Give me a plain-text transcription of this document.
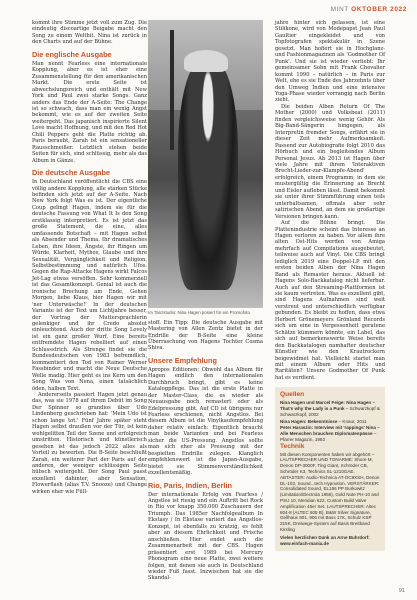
MINT OKTOBER 2022

kommt ihre Stimme jetzt voll zum Zug. Die eindeutig discoartige Beigabe macht den Song zu einem Welthit. Nina ist zurück in den Charts und auf der Bühne.

Die englische Ausgabe

Man nennt Fearless eine internationale Kopplung, aber es ist eher eine Zusammenstellung für den amerikanischen Markt. Die erste Seite ist abwechslungsreich und enthält mit New York und Paul zwei starke Songs. Ganz anders das Ende der A-Seite: The Change ist so schwach, dass man ein wenig Angst bekommt, wie es auf der zweiten Seite weitergeht. Das japanisch inspirierte Silent Love macht Hoffnung, und mit den Red Hot Chili Peppers geht die Platte richtig ab. Paris beraubt, Zarah ist ein sensationeller Rausschmeißer. Letztlich stehen beide Seiten für sich, sind schlüssig, mehr als das Album in Gänze.

Die deutsche Ausgabe

In Deutschland veröffentlicht die CBS eine völlig andere Kopplung, alle starken Stücke befinden sich jetzt auf der A-Seite. Nach New York folgt Was es ist. Der eigentliche Coup gelingt Hagen, indem sie für die deutsche Fassung von What It Is den Song erstklassig interpretiert. Es ist jetzt das große Statement, die eine, alles umfassende Botschaft – mit Hagen selbst als Absender und Thema. Ihr dramatisches Leben, ihre Ideen, Ängste, ihr Ringen um Würde, Klarheit, Mythos, Glaube und ihre Sexualität, Vergänglichkeit und Religion, Selbstbestimmung und natürlich Ufos. Gegen die Rap-Attacke Hagens wirkt Falcos Jet-Lag etwas versöffen. Sehr kommerziell ist das Gesamtkonzept. Genial ist auch die ironische Brechung am Ende, Gehen Morgen, liebe Klaus, hier Hagen wir mit 'ner Unterwäsche!' In der deutschen Variante ist der Text um Lichtjahre besser, der Vortrag der Muttersprachlerin gelenkiger und ihr Credo absolut einleuchtend. Auch der dritte Song Lovely ist ein ganz großer Wurf. Eine bereits entfremdete Hagen rebelliert auf einen Schlussstrich. Als Strenge findet sie die Bundesdeutschen von 1983 befremdlich, kommentiert den Tod von Rainer Werner Fassbinder und macht die Neue Deutsche Welle madig. Hier geht es ins Kern um den Song Was von Nena, einen tatsächlich öden, halben Text.

Andererseits passiert Hagen jetzt genau das, was sie 1978 auf ihrem Debüt im Song Der Spinner so grandios über Udo Lindenberg geschrieben hat: 'Mein Udo ist schon lange tot.' Fünf Jahre später steht Hagen selbst draußen vor der Tür, ist kein wohlgelitten Teil der Szene und erfolgreich umstritten. Historisch und künstlerisch gesehen ist das jedoch 2022 alles als Vorteil zu bewerten. Die B-Seite beschließt Zarah, ein weiterer Part der Paris auf der anderen, der weniger schlüssigen Seite hübsch weitergeht. Der Song Paul passt exzellent dahinter, aber Sensation, Flowerflash (alias T.V. Snooze) und Change wirken eher wie Füll-

Im Tanzstudio: Nina Hagen posiert für ein Promofoto

stoff. Ein Tipp: Die deutsche Ausgabe mit Mastering von Allen Zentz bietet in der Endrille der B-Seite eine kleine Überraschung von Hagens Tochter Cosma Shiva.

Unsere Empfehlung

Apropos Editionen: Obwohl das Album für Hagen endlich den internationalen Durchbruch bringt, gibt es keine Katalogpflege. Das ist die erste Platte in der Master-Class, die es wieder als Neuausgabe noch remastert oder als Edelpressung gibt. Auf CD ist übrigens nur Fearless erschienen, nicht Angstlos. Bei diesem Album ist die Vinylkaufempfehlung daher relativ einfach: Eigentlich braucht man beide Varianten und bei Fearless sicher die US-Pressung. Angstlos sollte man sich eher als Pressung mit der bespielten Endrille zulegen. Klanglich empfehlenswert ist die Japan-Ausgabe, bietet sie Stimmenverständlichkeit exzellentsmäßig.

Rio, Paris, Indien, Berlin

Der internationale Erfolg von Fearless / Angstlos ist riesig und ein Auftritt bei Rock in Rio vor knapp 350.000 Zuschauern der Triumph. Das 1985er Nachfolgealbum In Ekstasy / In Ekstase variiert das Angstlos-Konzept, ist ebenfalls zu kratzig, es fehlt aber an diesem Ehrlichkeit und Frische anschließen. Hier endet auch die Zusammenarbeit mit der CBS. Hagen präsentiert erst 1989 bei Mercury Phonogram eine neue Platte, zwei weitere folgen, mit denen sie auch in Deutschland wieder Fuß fasst. Inzwischen hat sie die Skandal-

jahre hinter sich gelassen, ist eine Stilikone, wird von Modepapst Jean Paul Gaultier eingekleidet und von Topfotografen spektakulär in Szene gesetzt. Man hofiert sie in Hochglanz- und Fashionmagazinen als 'Godmother Of Punk'. Und sie ist wieder verliebt: Ihr gemeinsamer Sohn mit Frank Chevalier kommt 1990 – natürlich – in Paris zur Welt, ehe es sie Ende des Jahrzehnts über den Umweg Indien und eine intensive Yoga-Phase wieder vorrangig nach Berlin zieht.

Die beiden Alben Return Of The Mother (2000) und Volksbeat (2011) finden vergleichsweise wenig Gehör. Als Big-Band-Sängerin hingegen, als Interpretin fremder Songs, erfährt sie in dieser Zeit mehr Aufmerksamkeit. Passend zur Autobiografie folgt 2010 das Hörbuch und ein begleitendes Album Personal Jesus. Ab 2013 ist Hagen über viele Jahre mit ihrem 'Interaktiven Brecht-Lieder-zur-Klampfe-Abend' erfolgreich, einem Programm, in dem sie mustergültig die Erinnerung an Brecht und Eisler aufleben lässt. Damit bekommt sie unter ihrer Stimmführung einen teils unterhaltsamen, oftmals aber sehr satirischen Abend, an dem sie großartige Versionen bringen kann.

Auf die Bühne bringt. Die Plattenindustrie scheint das Interesse an Hagen verloren zu haben. Vor allem ihre alten Ost-Hits werden von Amiga mehrfach auf Compilations ausgebeutet, teilweise auch auf Vinyl. Die CBS bringt lediglich 2019 eine Doppel-LP mit den ersten beiden Alben der Nina Hagen Band als Remaster heraus. Aktuell ist Hagens Solo-Backkatalog nicht lieferbar. Auch auf den Streaming-Plattformen ist sie kaum vertreten. Was es exzellent gibt, sind Hagens Aufnahmen sind weit verstreut und unterschiedlich verfügbar gebunden. Es bleibt zu hoffen, dass etwa Herbert Grönemeyers Grönland Records sich um eine in Vergessenheit geratene Schätze kümmern könnte, ein Label, das sich auf bemerkenswerte Weise bereits den Backkatalogen namhafter deutscher Künstler wie den Krautrockern beigewidmet hat. Vielleicht startet man mit einem Album oder Hits und Raritäten? Unsere Godmother Of Punk hat es verdient.

Quellen
Nina Hagen und Marcel Feige: Nina Hagen – That's why the Lady is a Punk – Schwarzkopf & Schwarzkopf, 2002
Nina Hagen: Bekenntnisse – Knaur, 2011
Peter Haraszin: Interview mit 'rappings' Nina – Alle Menschen brauchen Diplomatenpässe – Pfarrer Magazin, 1983
Technik
Mit diesen Komponenten haben wir abgehört – LAUTSPRECHER UND TONARME: Shure M, Denon DP-3000F, Ting Giant, Schröder CB, Schröder K3, Technics SL-1210GAE. ABTASTER: Audio-Technica AT-OC9XSH, Denon DL-103, Sound...tech Hypnotion. VERSTÄRKER: Consolidated Sound, EL156 PP Burkowitz (Limitation/Electrola 1956), Gold Note PH-10 and PSU 10, Meridian 622, Custom Build Valve Amplification 45er Set. LAUTSPRECHER: Altec 604-8 (ALTEC 605 B), B&W Silver Signature, Gellhaus 901, 906 mit Bass 17K, Schulz KSP 215K, Dreiwege-System auf Basis Breitband Kirsling
Vielen herzlichen Dank an Arne Buhrdorf: www.einfach-mania.de
91
